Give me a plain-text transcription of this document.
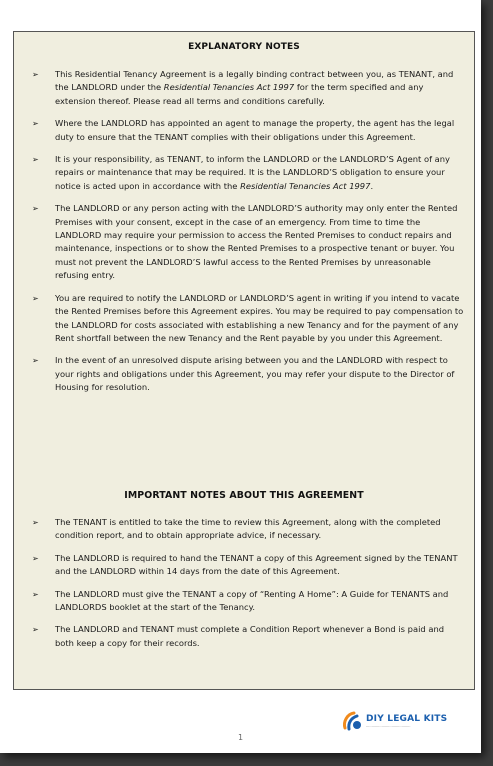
EXPLANATORY NOTES
➢ This Residential Tenancy Agreement is a legally binding contract between you, as TENANT, and the LANDLORD under the Residential Tenancies Act 1997 for the term specified and any extension thereof. Please read all terms and conditions carefully.
➢ Where the LANDLORD has appointed an agent to manage the property, the agent has the legal duty to ensure that the TENANT complies with their obligations under this Agreement.
➢ It is your responsibility, as TENANT, to inform the LANDLORD or the LANDLORD’S Agent of any repairs or maintenance that may be required. It is the LANDLORD’S obligation to ensure your notice is acted upon in accordance with the Residential Tenancies Act 1997.
➢ The LANDLORD or any person acting with the LANDLORD’S authority may only enter the Rented Premises with your consent, except in the case of an emergency. From time to time the LANDLORD may require your permission to access the Rented Premises to conduct repairs and maintenance, inspections or to show the Rented Premises to a prospective tenant or buyer. You must not prevent the LANDLORD’S lawful access to the Rented Premises by unreasonable refusing entry.
➢ You are required to notify the LANDLORD or LANDLORD’S agent in writing if you intend to vacate the Rented Premises before this Agreement expires. You may be required to pay compensation to the LANDLORD for costs associated with establishing a new Tenancy and for the payment of any Rent shortfall between the new Tenancy and the Rent payable by you under this Agreement.
➢ In the event of an unresolved dispute arising between you and the LANDLORD with respect to your rights and obligations under this Agreement, you may refer your dispute to the Director of Housing for resolution.
IMPORTANT NOTES ABOUT THIS AGREEMENT
➢ The TENANT is entitled to take the time to review this Agreement, along with the completed condition report, and to obtain appropriate advice, if necessary.
➢ The LANDLORD is required to hand the TENANT a copy of this Agreement signed by the TENANT and the LANDLORD within 14 days from the date of this Agreement.
➢ The LANDLORD must give the TENANT a copy of “Renting A Home”: A Guide for TENANTS and LANDLORDS booklet at the start of the Tenancy.
➢ The LANDLORD and TENANT must complete a Condition Report whenever a Bond is paid and both keep a copy for their records.
DIY LEGAL KITS
........................................
1
